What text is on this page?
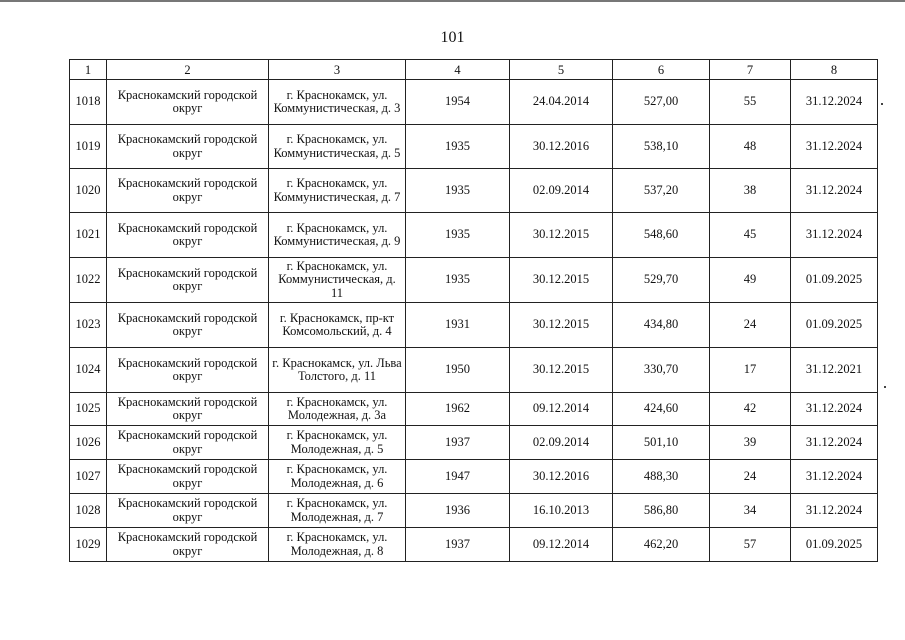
101
1	2	3	4	5	6	7	8
1018	Краснокамский городской округ	г. Краснокамск, ул. Коммунистическая, д. 3	1954	24.04.2014	527,00	55	31.12.2024
1019	Краснокамский городской округ	г. Краснокамск, ул. Коммунистическая, д. 5	1935	30.12.2016	538,10	48	31.12.2024
1020	Краснокамский городской округ	г. Краснокамск, ул. Коммунистическая, д. 7	1935	02.09.2014	537,20	38	31.12.2024
1021	Краснокамский городской округ	г. Краснокамск, ул. Коммунистическая, д. 9	1935	30.12.2015	548,60	45	31.12.2024
1022	Краснокамский городской округ	г. Краснокамск, ул. Коммунистическая, д. 11	1935	30.12.2015	529,70	49	01.09.2025
1023	Краснокамский городской округ	г. Краснокамск, пр-кт Комсомольский, д. 4	1931	30.12.2015	434,80	24	01.09.2025
1024	Краснокамский городской округ	г. Краснокамск, ул. Льва Толстого, д. 11	1950	30.12.2015	330,70	17	31.12.2021
1025	Краснокамский городской округ	г. Краснокамск, ул. Молодежная, д. 3а	1962	09.12.2014	424,60	42	31.12.2024
1026	Краснокамский городской округ	г. Краснокамск, ул. Молодежная, д. 5	1937	02.09.2014	501,10	39	31.12.2024
1027	Краснокамский городской округ	г. Краснокамск, ул. Молодежная, д. 6	1947	30.12.2016	488,30	24	31.12.2024
1028	Краснокамский городской округ	г. Краснокамск, ул. Молодежная, д. 7	1936	16.10.2013	586,80	34	31.12.2024
1029	Краснокамский городской округ	г. Краснокамск, ул. Молодежная, д. 8	1937	09.12.2014	462,20	57	01.09.2025
